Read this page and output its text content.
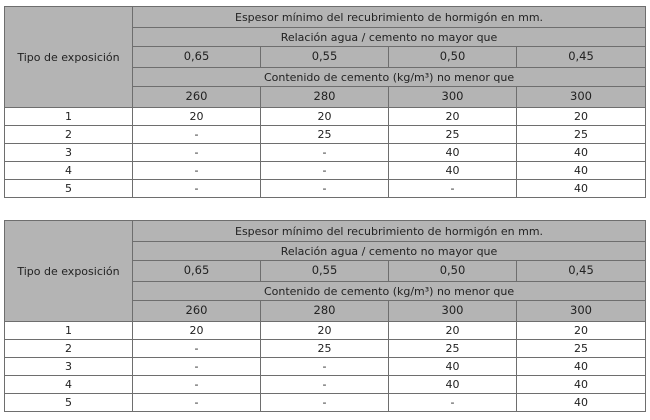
Tipo de exposición	Espesor mínimo del recubrimiento de hormigón en mm.			
	Relación agua / cemento no mayor que			
	0,65	0,55	0,50	0,45
	Contenido de cemento (kg/m³) no menor que			
	260	280	300	300
1	20	20	20	20
2	-	25	25	25
3	-	-	40	40
4	-	-	40	40
5	-	-	-	40
Tipo de exposición	Espesor mínimo del recubrimiento de hormigón en mm.			
	Relación agua / cemento no mayor que			
	0,65	0,55	0,50	0,45
	Contenido de cemento (kg/m³) no menor que			
	260	280	300	300
1	20	20	20	20
2	-	25	25	25
3	-	-	40	40
4	-	-	40	40
5	-	-	-	40
